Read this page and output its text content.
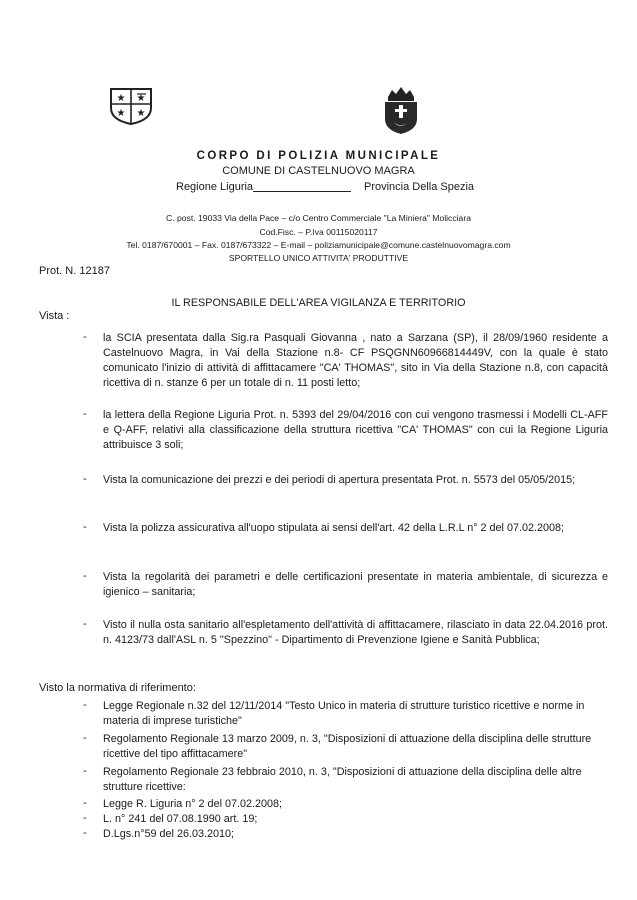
★ ★
★ ★
CORPO DI POLIZIA MUNICIPALE
COMUNE DI CASTELNUOVO MAGRA
Regione Liguria	Provincia Della Spezia
C. post. 19033 Via della Pace – c/o Centro Commerciale "La Miniera" Molicciara
Cod.Fisc. – P.Iva 00115020117
Tel. 0187/670001 – Fax. 0187/673322 – E-mail – poliziamunicipale@comune.castelnuovomagra.com
SPORTELLO UNICO ATTIVITA' PRODUTTIVE
Prot. N. 12187
IL RESPONSABILE DELL'AREA VIGILANZA E TERRITORIO
Vista :
- la SCIA presentata dalla Sig.ra Pasquali Giovanna , nato a Sarzana (SP), il 28/09/1960 residente a Castelnuovo Magra, in Vai della Stazione n.8- CF PSQGNN60966814449V, con la quale è stato comunicato l'inizio di attività di affittacamere "CA' THOMAS", sito in Via della Stazione n.8, con capacità ricettiva di n. stanze 6 per un totale di n. 11 posti letto;
- la lettera della Regione Liguria Prot. n. 5393 del 29/04/2016 con cui vengono trasmessi i Modelli CL-AFF e Q-AFF, relativi alla classificazione della struttura ricettiva "CA' THOMAS" con cui la Regione Liguria attribuisce 3 soli;
- Vista la comunicazione dei prezzi e dei periodi di apertura presentata Prot. n. 5573 del 05/05/2015;
- Vista la polizza assicurativa all'uopo stipulata ai sensi dell'art. 42 della L.R.L n° 2 del 07.02.2008;
- Vista la regolarità dei parametri e delle certificazioni presentate in materia ambientale, di sicurezza e igienico – sanitaria;
- Visto il nulla osta sanitario all'espletamento dell'attività di affittacamere, rilasciato in data 22.04.2016 prot. n. 4123/73 dall'ASL n. 5 "Spezzino" - Dipartimento di Prevenzione Igiene e Sanità Pubblica;
Visto la normativa di riferimento:
- Legge Regionale n.32 del 12/11/2014 "Testo Unico in materia di strutture turistico ricettive e norme in materia di imprese turistiche"
- Regolamento Regionale 13 marzo 2009, n. 3, "Disposizioni di attuazione della disciplina delle strutture ricettive del tipo affittacamere"
- Regolamento Regionale 23 febbraio 2010, n. 3, "Disposizioni di attuazione della disciplina delle altre strutture ricettive:
- Legge R. Liguria n° 2 del 07.02.2008;
- L. n° 241 del 07.08.1990 art. 19;
- D.Lgs.n°59 del 26.03.2010;
